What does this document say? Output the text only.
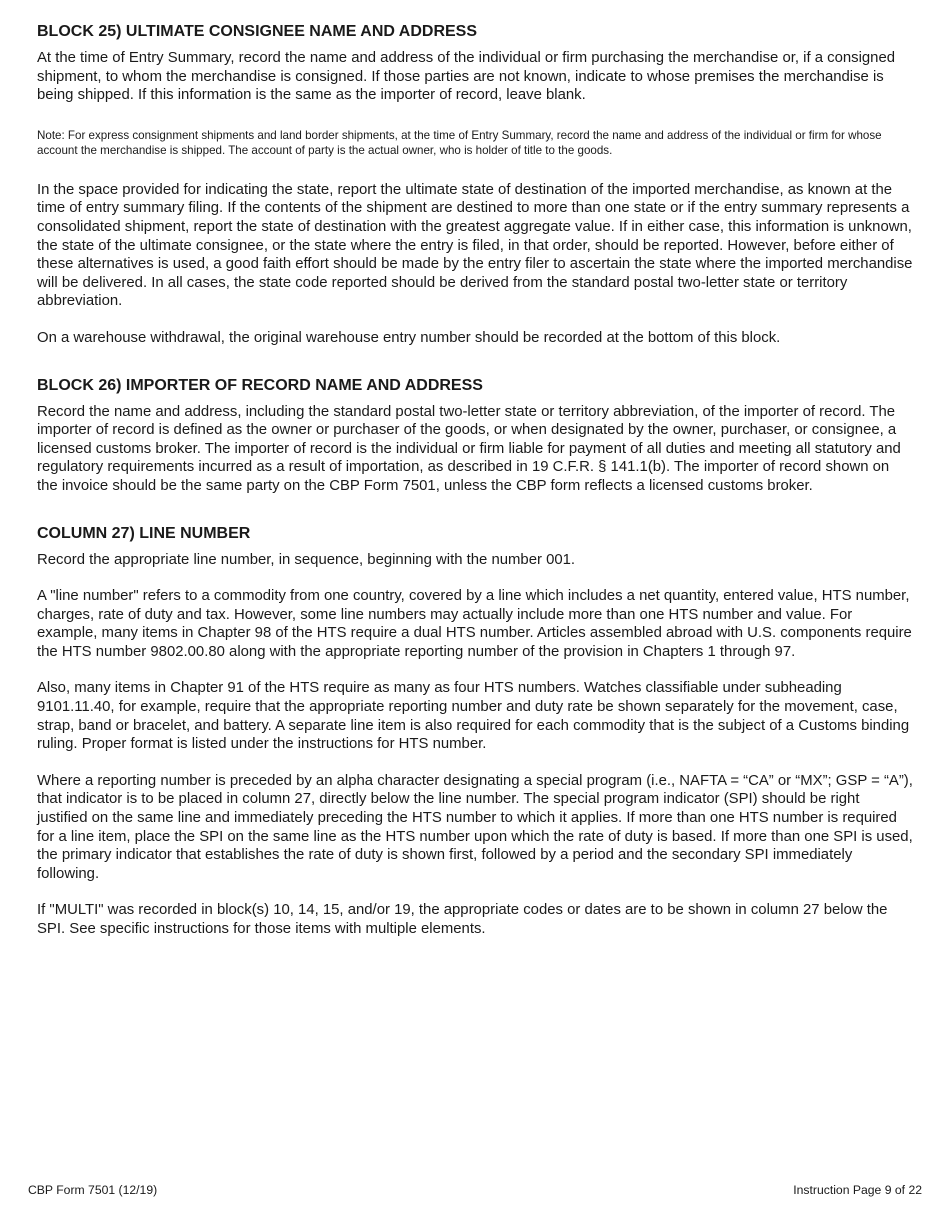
BLOCK 25) ULTIMATE CONSIGNEE NAME AND ADDRESS

At the time of Entry Summary, record the name and address of the individual or firm purchasing the merchandise or, if a consigned shipment, to whom the merchandise is consigned. If those parties are not known, indicate to whose premises the merchandise is being shipped. If this information is the same as the importer of record, leave blank.

Note: For express consignment shipments and land border shipments, at the time of Entry Summary, record the name and address of the individual or firm for whose account the merchandise is shipped. The account of party is the actual owner, who is holder of title to the goods.

In the space provided for indicating the state, report the ultimate state of destination of the imported merchandise, as known at the time of entry summary filing. If the contents of the shipment are destined to more than one state or if the entry summary represents a consolidated shipment, report the state of destination with the greatest aggregate value. If in either case, this information is unknown, the state of the ultimate consignee, or the state where the entry is filed, in that order, should be reported. However, before either of these alternatives is used, a good faith effort should be made by the entry filer to ascertain the state where the imported merchandise will be delivered. In all cases, the state code reported should be derived from the standard postal two-letter state or territory abbreviation.

On a warehouse withdrawal, the original warehouse entry number should be recorded at the bottom of this block.

BLOCK 26) IMPORTER OF RECORD NAME AND ADDRESS

Record the name and address, including the standard postal two-letter state or territory abbreviation, of the importer of record. The importer of record is defined as the owner or purchaser of the goods, or when designated by the owner, purchaser, or consignee, a licensed customs broker. The importer of record is the individual or firm liable for payment of all duties and meeting all statutory and regulatory requirements incurred as a result of importation, as described in 19 C.F.R. § 141.1(b). The importer of record shown on the invoice should be the same party on the CBP Form 7501, unless the CBP form reflects a licensed customs broker.

COLUMN 27) LINE NUMBER

Record the appropriate line number, in sequence, beginning with the number 001.

A "line number" refers to a commodity from one country, covered by a line which includes a net quantity, entered value, HTS number, charges, rate of duty and tax. However, some line numbers may actually include more than one HTS number and value. For example, many items in Chapter 98 of the HTS require a dual HTS number. Articles assembled abroad with U.S. components require the HTS number 9802.00.80 along with the appropriate reporting number of the provision in Chapters 1 through 97.

Also, many items in Chapter 91 of the HTS require as many as four HTS numbers. Watches classifiable under subheading 9101.11.40, for example, require that the appropriate reporting number and duty rate be shown separately for the movement, case, strap, band or bracelet, and battery. A separate line item is also required for each commodity that is the subject of a Customs binding ruling. Proper format is listed under the instructions for HTS number.

Where a reporting number is preceded by an alpha character designating a special program (i.e., NAFTA = “CA” or “MX”; GSP = “A”), that indicator is to be placed in column 27, directly below the line number. The special program indicator (SPI) should be right justified on the same line and immediately preceding the HTS number to which it applies. If more than one HTS number is required for a line item, place the SPI on the same line as the HTS number upon which the rate of duty is based. If more than one SPI is used, the primary indicator that establishes the rate of duty is shown first, followed by a period and the secondary SPI immediately following.

If "MULTI" was recorded in block(s) 10, 14, 15, and/or 19, the appropriate codes or dates are to be shown in column 27 below the SPI. See specific instructions for those items with multiple elements.

CBP Form 7501 (12/19)	Instruction Page 9 of 22
